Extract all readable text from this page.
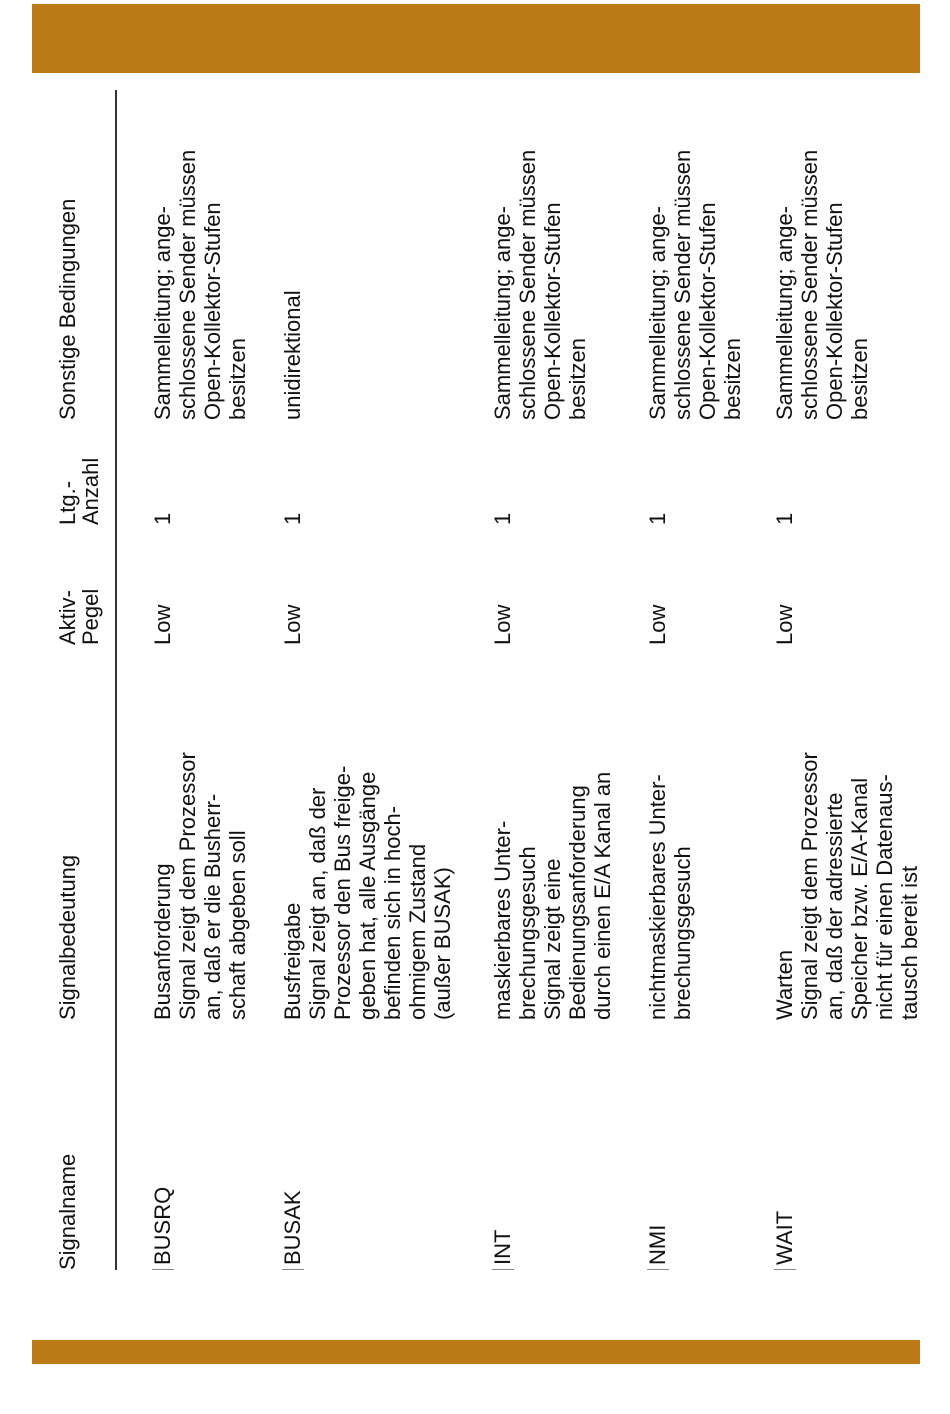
Signalname
Signalbedeutung
Aktiv-
Pegel
Ltg.-
Anzahl
Sonstige Bedingungen
BUSRQ
Busanforderung
Signal zeigt dem Prozessor
an, daß er die Busherr-
schaft abgeben soll
Low
1
Sammelleitung; ange-
schlossene Sender müssen
Open-Kollektor-Stufen
besitzen
BUSAK
Busfreigabe
Signal zeigt an, daß der
Prozessor den Bus freige-
geben hat, alle Ausgänge
befinden sich in hoch-
ohmigem Zustand
(außer BUSAK)
Low
1
unidirektional
INT
maskierbares Unter-
brechungsgesuch
Signal zeigt eine
Bedienungsanforderung
durch einen E/A Kanal an
Low
1
Sammelleitung; ange-
schlossene Sender müssen
Open-Kollektor-Stufen
besitzen
NMI
nichtmaskierbares Unter-
brechungsgesuch
Low
1
Sammelleitung; ange-
schlossene Sender müssen
Open-Kollektor-Stufen
besitzen
WAIT
Warten
Signal zeigt dem Prozessor
an, daß der adressierte
Speicher bzw. E/A-Kanal
nicht für einen Datenaus-
tausch bereit ist
Low
1
Sammelleitung; ange-
schlossene Sender müssen
Open-Kollektor-Stufen
besitzen
